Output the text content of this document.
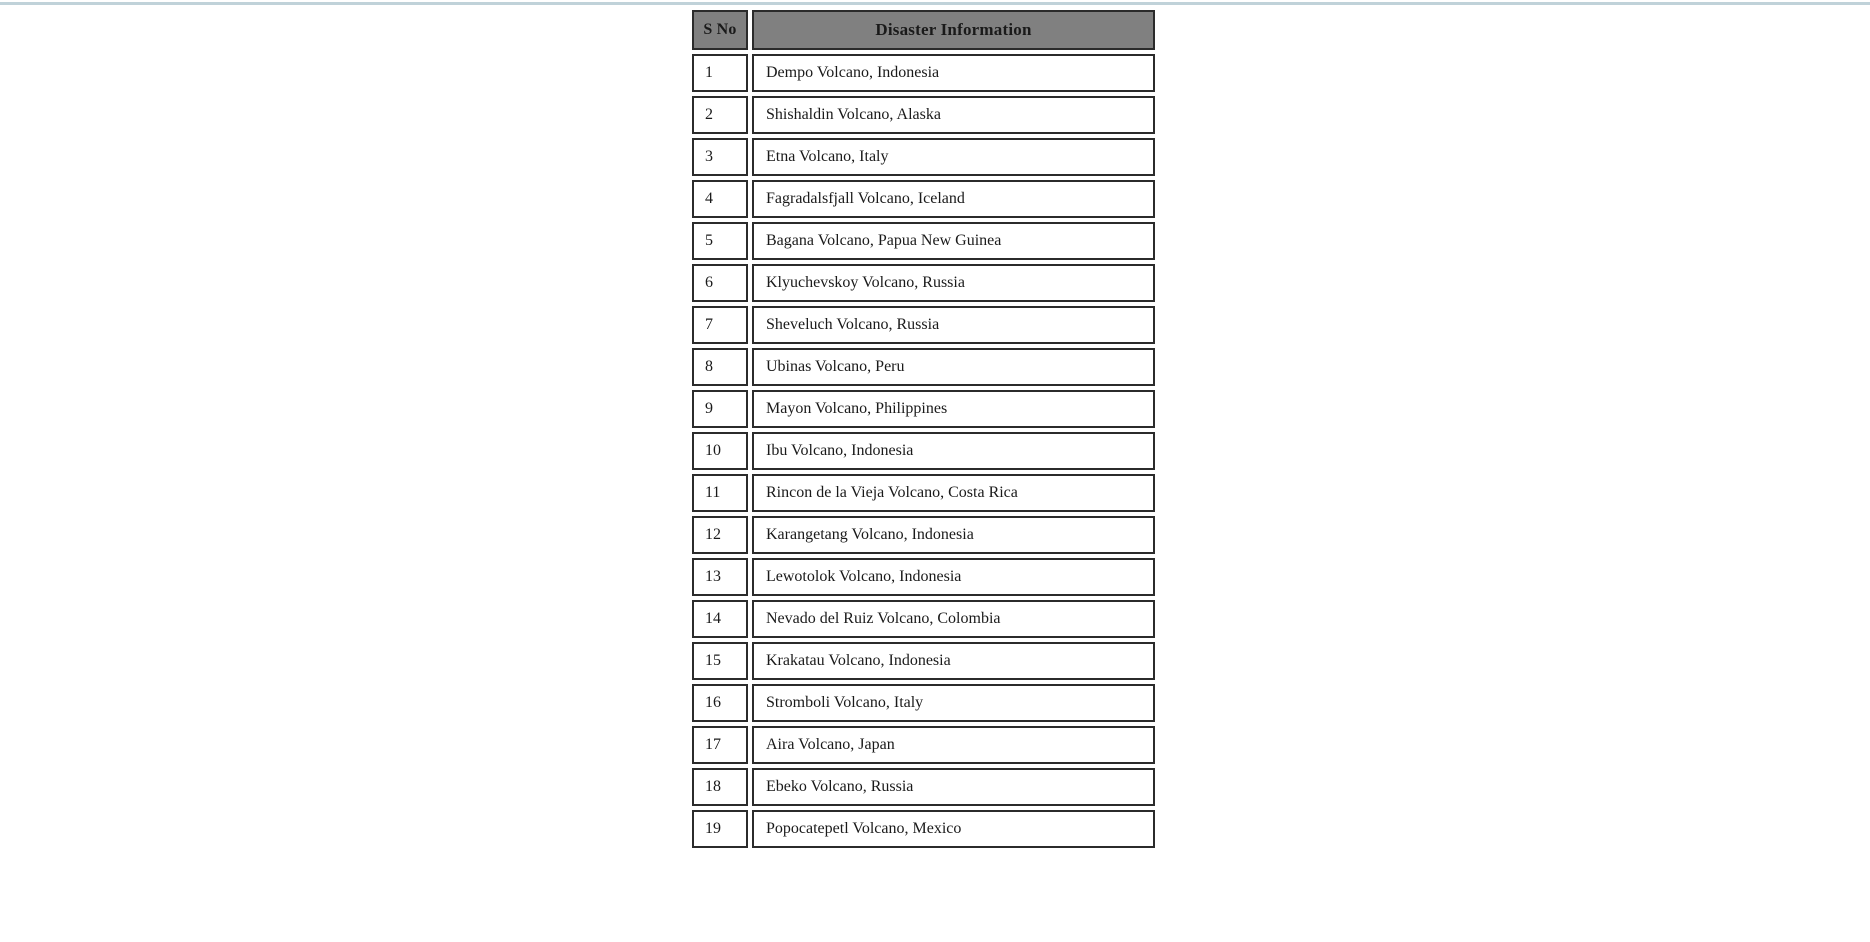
S No	Disaster Information
1	Dempo Volcano, Indonesia
2	Shishaldin Volcano, Alaska
3	Etna Volcano, Italy
4	Fagradalsfjall Volcano, Iceland
5	Bagana Volcano, Papua New Guinea
6	Klyuchevskoy Volcano, Russia
7	Sheveluch Volcano, Russia
8	Ubinas Volcano, Peru
9	Mayon Volcano, Philippines
10	Ibu Volcano, Indonesia
11	Rincon de la Vieja Volcano, Costa Rica
12	Karangetang Volcano, Indonesia
13	Lewotolok Volcano, Indonesia
14	Nevado del Ruiz Volcano, Colombia
15	Krakatau Volcano, Indonesia
16	Stromboli Volcano, Italy
17	Aira Volcano, Japan
18	Ebeko Volcano, Russia
19	Popocatepetl Volcano, Mexico
